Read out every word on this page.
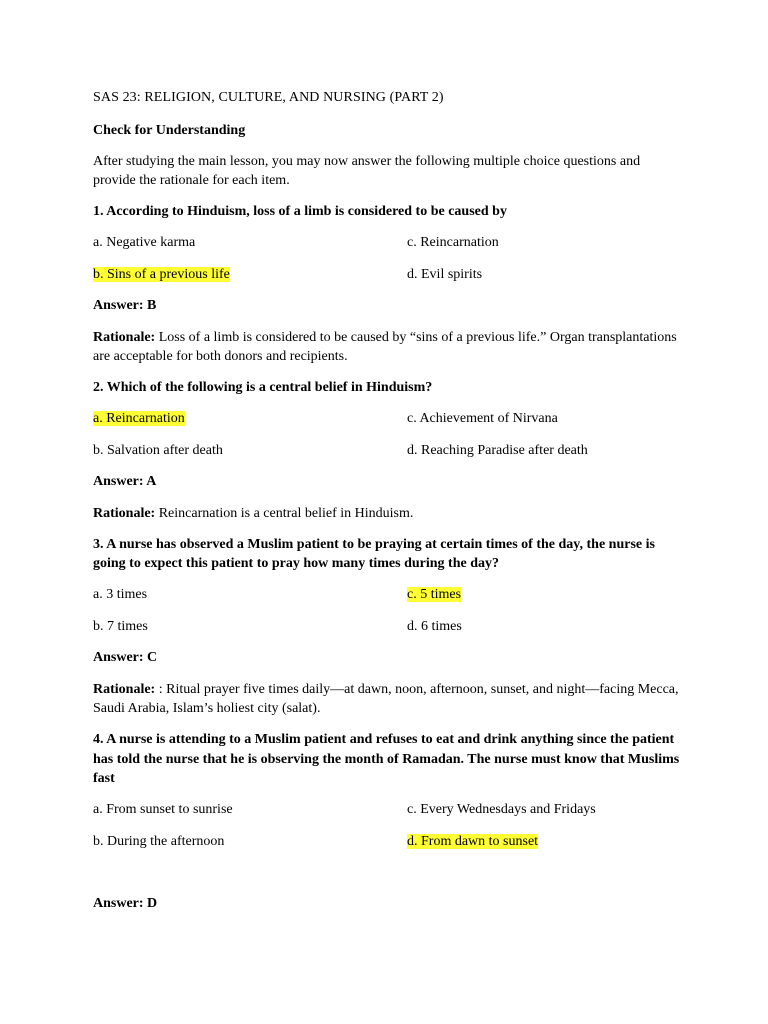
SAS 23: RELIGION, CULTURE, AND NURSING (PART 2)

Check for Understanding

After studying the main lesson, you may now answer the following multiple choice questions and provide the rationale for each item.

1. According to Hinduism, loss of a limb is considered to be caused by
a. Negative karma	c. Reincarnation
b. Sins of a previous life	d. Evil spirits
Answer: B

Rationale: Loss of a limb is considered to be caused by “sins of a previous life.” Organ transplantations are acceptable for both donors and recipients.

2. Which of the following is a central belief in Hinduism?
a. Reincarnation	c. Achievement of Nirvana
b. Salvation after death	d. Reaching Paradise after death
Answer: A

Rationale: Reincarnation is a central belief in Hinduism.

3. A nurse has observed a Muslim patient to be praying at certain times of the day, the nurse is going to expect this patient to pray how many times during the day?
a. 3 times	c. 5 times
b. 7 times	d. 6 times
Answer: C

Rationale: : Ritual prayer five times daily—at dawn, noon, afternoon, sunset, and night—facing Mecca, Saudi Arabia, Islam’s holiest city (salat).

4. A nurse is attending to a Muslim patient and refuses to eat and drink anything since the patient has told the nurse that he is observing the month of Ramadan. The nurse must know that Muslims fast
a. From sunset to sunrise	c. Every Wednesdays and Fridays
b. During the afternoon	d. From dawn to sunset
Answer: D
